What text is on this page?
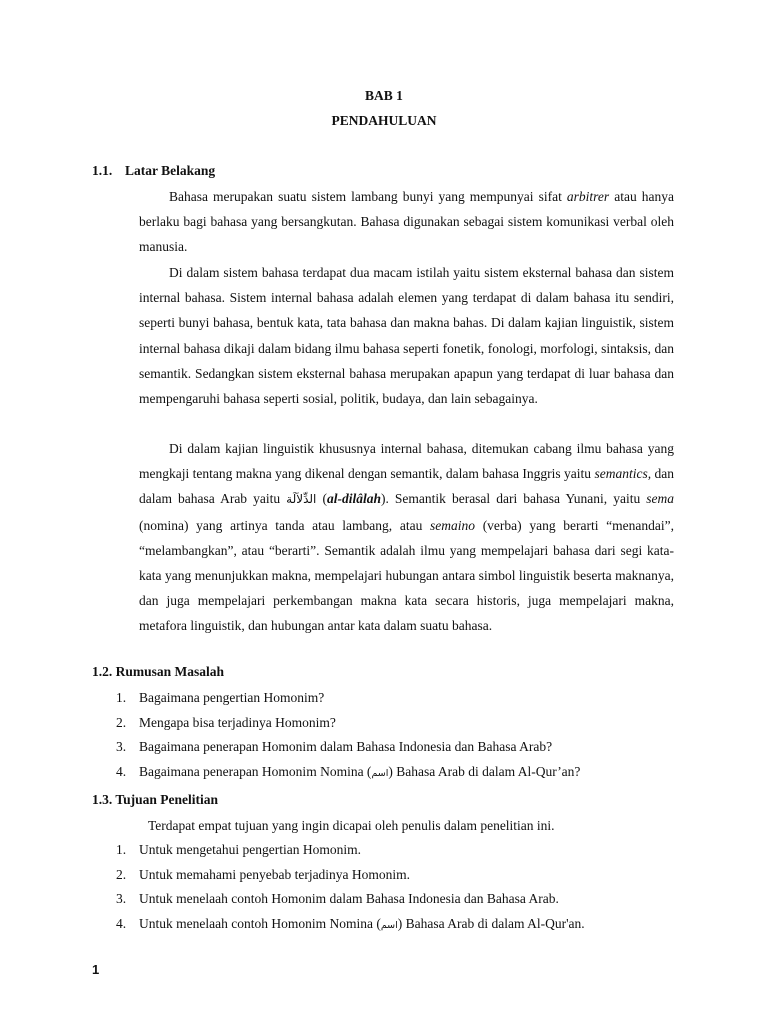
BAB 1
PENDAHULUAN
1.1. Latar Belakang

Bahasa merupakan suatu sistem lambang bunyi yang mempunyai sifat arbitrer atau hanya berlaku bagi bahasa yang bersangkutan. Bahasa digunakan sebagai sistem komunikasi verbal oleh manusia.

Di dalam sistem bahasa terdapat dua macam istilah yaitu sistem eksternal bahasa dan sistem internal bahasa. Sistem internal bahasa adalah elemen yang terdapat di dalam bahasa itu sendiri, seperti bunyi bahasa, bentuk kata, tata bahasa dan makna bahas. Di dalam kajian linguistik, sistem internal bahasa dikaji dalam bidang ilmu bahasa seperti fonetik, fonologi, morfologi, sintaksis, dan semantik. Sedangkan sistem eksternal bahasa merupakan apapun yang terdapat di luar bahasa dan mempengaruhi bahasa seperti sosial, politik, budaya, dan lain sebagainya.

Di dalam kajian linguistik khususnya internal bahasa, ditemukan cabang ilmu bahasa yang mengkaji tentang makna yang dikenal dengan semantik, dalam bahasa Inggris yaitu semantics, dan dalam bahasa Arab yaitu الدِّلاَلَة (al-dilâlah). Semantik berasal dari bahasa Yunani, yaitu sema (nomina) yang artinya tanda atau lambang, atau semaino (verba) yang berarti “menandai”, “melambangkan”, atau “berarti”. Semantik adalah ilmu yang mempelajari bahasa dari segi kata-kata yang menunjukkan makna, mempelajari hubungan antara simbol linguistik beserta maknanya, dan juga mempelajari perkembangan makna kata secara historis, juga mempelajari makna, metafora linguistik, dan hubungan antar kata dalam suatu bahasa.

1.2. Rumusan Masalah
1. Bagaimana pengertian Homonim?
2. Mengapa bisa terjadinya Homonim?
3. Bagaimana penerapan Homonim dalam Bahasa Indonesia dan Bahasa Arab?
4. Bagaimana penerapan Homonim Nomina (اسم) Bahasa Arab di dalam Al-Qur’an?
1.3. Tujuan Penelitian

Terdapat empat tujuan yang ingin dicapai oleh penulis dalam penelitian ini.

1. Untuk mengetahui pengertian Homonim.
2. Untuk memahami penyebab terjadinya Homonim.
3. Untuk menelaah contoh Homonim dalam Bahasa Indonesia dan Bahasa Arab.
4. Untuk menelaah contoh Homonim Nomina (اسم) Bahasa Arab di dalam Al-Qur'an.
1
